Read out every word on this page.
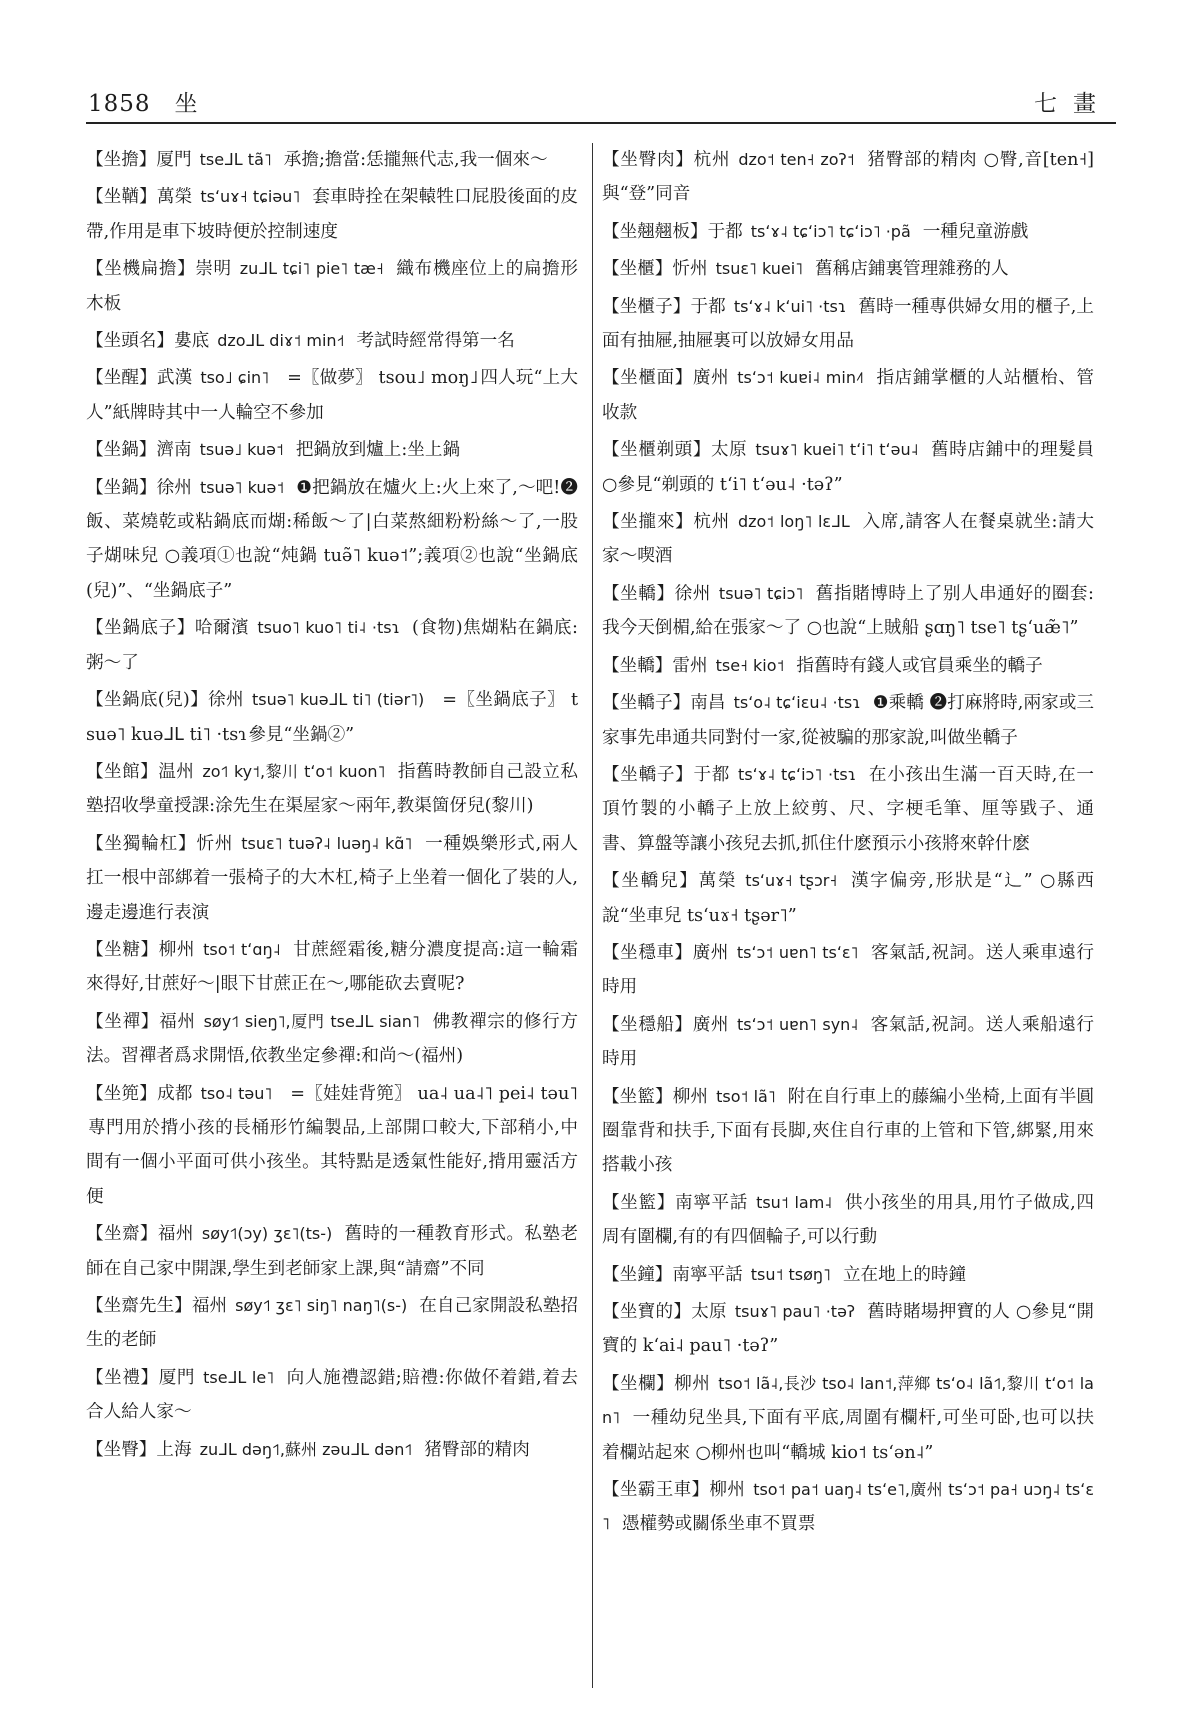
1858 坐	七畫
【坐擔】厦門 tseᒧᒪ tã˥ 承擔;擔當:恁攏無代志,我一個來～
【坐鞧】萬榮 tsʻuɤ˧ tɕiəu˥ 套車時拴在架轅牲口屁股後面的皮帶,作用是車下坡時便於控制速度
【坐機扁擔】崇明 zuᒧᒪ tɕi˥ pie˥ tæ˧ 織布機座位上的扁擔形木板
【坐頭名】婁底 dzoᒧᒪ diɤ˦ min˧˦ 考試時經常得第一名
【坐醒】武漢 tso˩ ɕin˥ =〖做夢〗 tsou˩ moŋ˩ 四人玩“上大人”紙牌時其中一人輪空不參加
【坐鍋】濟南 tsuə˩ kuə˦ 把鍋放到爐上:坐上鍋
【坐鍋】徐州 tsuə˥ kuə˦ ❶把鍋放在爐火上:火上來了,～吧!❷飯、菜燒乾或粘鍋底而煳:稀飯～了|白菜熬細粉粉絲～了,一股子煳味兒 ○義項①也說“炖鍋 tuə̃˥ kuə˦”;義項②也說“坐鍋底(兒)”、“坐鍋底子”
【坐鍋底子】哈爾濱 tsuo˥ kuo˥ ti˨ ·tsɿ (食物)焦煳粘在鍋底:粥～了
【坐鍋底(兒)】徐州 tsuə˥ kuəᒧᒪ ti˥ (tiər˥) =〖坐鍋底子〗 tsuə˥ kuəᒧᒪ ti˥ ·tsɿ 參見“坐鍋②”
【坐館】温州 zo˦˥ ky˦,黎川 tʻo˦ kuon˥ 指舊時教師自己設立私塾招收學童授課:涂先生在渠屋家～兩年,教渠箇伢兒(黎川)
【坐獨輪杠】忻州 tsuɛ˥ tuəʔ˨ luəŋ˨ kɑ̃˥ 一種娛樂形式,兩人扛一根中部綁着一張椅子的大木杠,椅子上坐着一個化了裝的人,邊走邊進行表演
【坐糖】柳州 tso˦ tʻɑŋ˨ 甘蔗經霜後,糖分濃度提高:這一輪霜來得好,甘蔗好～|眼下甘蔗正在～,哪能砍去賣呢?
【坐禪】福州 søy˦˥ sieŋ˥,厦門 tseᒧᒪ sian˥ 佛教禪宗的修行方法。習禪者爲求開悟,依教坐定參禪:和尚～(福州)
【坐篼】成都 tso˨ təu˥ =〖娃娃背篼〗 ua˨ ua˨˥ pei˨ təu˥專門用於揹小孩的長桶形竹編製品,上部開口較大,下部稍小,中間有一個小平面可供小孩坐。其特點是透氣性能好,揹用靈活方便
【坐齋】福州 søy˦˥(ɔy) ʒɛ˥(ts-) 舊時的一種教育形式。私塾老師在自己家中開課,學生到老師家上課,與“請齋”不同
【坐齋先生】福州 søy˦˥ ʒɛ˥ siŋ˥ naŋ˥(s-) 在自己家開設私塾招生的老師
【坐禮】厦門 tseᒧᒪ le˥ 向人施禮認錯;賠禮:你做伓着錯,着去合人給人家～
【坐臀】上海 zuᒧᒪ dəŋ˦˥,蘇州 zəuᒧᒪ dən˦˥ 猪臀部的精肉
【坐臀肉】杭州 dzo˦ ten˧ zoʔ˦ 猪臀部的精肉 ○臀,音[ten˧]與“登”同音
【坐翹翹板】于都 tsʻɤ˨ tɕʻiɔ˥ tɕʻiɔ˥ ·pã 一種兒童游戲
【坐櫃】忻州 tsuɛ˥ kuei˥ 舊稱店鋪裏管理雜務的人
【坐櫃子】于都 tsʻɤ˨ kʻui˥ ·tsɿ 舊時一種專供婦女用的櫃子,上面有抽屜,抽屜裏可以放婦女用品
【坐櫃面】廣州 tsʻɔ˦ kuɐi˨ min˨˥ 指店鋪掌櫃的人站櫃枱、管收款
【坐櫃剃頭】太原 tsuɤ˥ kuei˥ tʻi˥ tʻəu˨ 舊時店鋪中的理髮員 ○參見“剃頭的 tʻi˥ tʻəu˨ ·təʔ”
【坐攏來】杭州 dzo˦ loŋ˥ lɛᒧᒪ 入席,請客人在餐桌就坐:請大家～喫酒
【坐轎】徐州 tsuə˥ tɕiɔ˥ 舊指賭博時上了别人串通好的圈套:我今天倒楣,給在張家～了 ○也說“上賊船 ʂɑŋ˥ tse˥ tʂʻuæ̃˥”
【坐轎】雷州 tse˧ kio˦ 指舊時有錢人或官員乘坐的轎子
【坐轎子】南昌 tsʻo˨ tɕʻiɛu˨ ·tsɿ ❶乘轎 ❷打麻將時,兩家或三家事先串通共同對付一家,從被騙的那家說,叫做坐轎子
【坐轎子】于都 tsʻɤ˨ tɕʻiɔ˥ ·tsɿ 在小孩出生滿一百天時,在一頂竹製的小轎子上放上絞剪、尺、字梗毛筆、厘等戥子、通書、算盤等讓小孩兒去抓,抓住什麽預示小孩將來幹什麽
【坐轎兒】萬榮 tsʻuɤ˧ tʂɔr˧ 漢字偏旁,形狀是“辶” ○縣西說“坐車兒 tsʻuɤ˧ tʂər˥”
【坐穩車】廣州 tsʻɔ˦ uɐn˥ tsʻɛ˥ 客氣話,祝詞。送人乘車遠行時用
【坐穩船】廣州 tsʻɔ˦ uɐn˥ syn˨ 客氣話,祝詞。送人乘船遠行時用
【坐籃】柳州 tso˦ lã˥ 附在自行車上的藤編小坐椅,上面有半圓圈靠背和扶手,下面有長脚,夾住自行車的上管和下管,綁緊,用來搭載小孩
【坐籃】南寧平話 tsu˦ lam˨ 供小孩坐的用具,用竹子做成,四周有圍欄,有的有四個輪子,可以行動
【坐鐘】南寧平話 tsu˦ tsøŋ˥ 立在地上的時鐘
【坐寶的】太原 tsuɤ˥ pau˥ ·təʔ 舊時賭場押寶的人 ○參見“開寶的 kʻai˨ pau˥ ·təʔ”
【坐欄】柳州 tso˦ lã˨,長沙 tso˨ lan˦,萍鄉 tsʻo˨ lã˦˥,黎川 tʻo˦ lan˥ 一種幼兒坐具,下面有平底,周圍有欄杆,可坐可卧,也可以扶着欄站起來 ○柳州也叫“轎城 kio˦ tsʻən˨”
【坐霸王車】柳州 tso˦ pa˦ uaŋ˨ tsʻe˥,廣州 tsʻɔ˦ pa˧ uɔŋ˨ tsʻɛ˥ 憑權勢或關係坐車不買票
